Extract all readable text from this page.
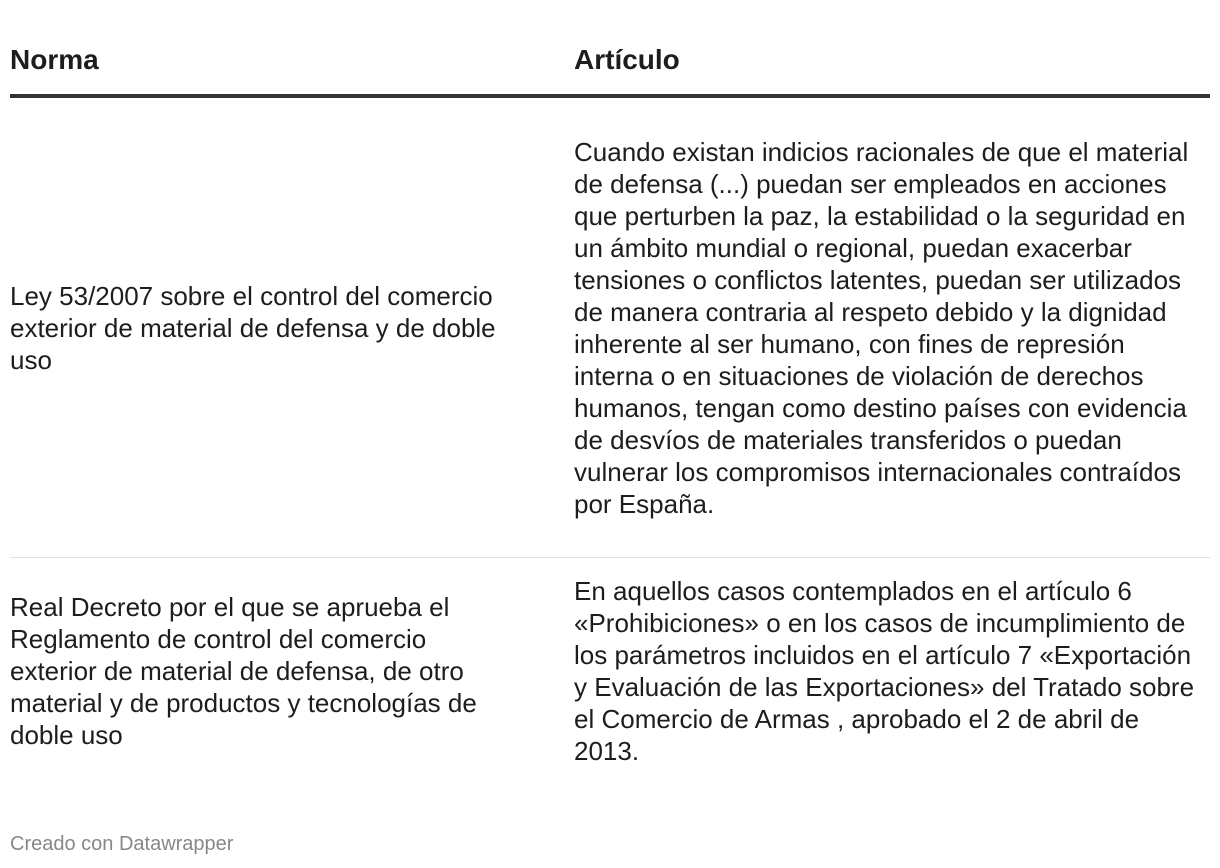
Norma	Artículo
Ley 53/2007 sobre el control del comercio exterior de material de defensa y de doble uso
Cuando existan indicios racionales de que el material de defensa (...) puedan ser empleados en acciones que perturben la paz, la estabilidad o la seguridad en un ámbito mundial o regional, puedan exacerbar tensiones o conflictos latentes, puedan ser utilizados de manera contraria al respeto debido y la dignidad inherente al ser humano, con fines de represión interna o en situaciones de violación de derechos humanos, tengan como destino países con evidencia de desvíos de materiales transferidos o puedan vulnerar los compromisos internacionales contraídos por España.
Real Decreto por el que se aprueba el Reglamento de control del comercio exterior de material de defensa, de otro material y de productos y tecnologías de doble uso
En aquellos casos contemplados en el artículo 6 «Prohibiciones» o en los casos de incumplimiento de los parámetros incluidos en el artículo 7 «Exportación y Evaluación de las Exportaciones» del Tratado sobre el Comercio de Armas , aprobado el 2 de abril de 2013.
Creado con Datawrapper
